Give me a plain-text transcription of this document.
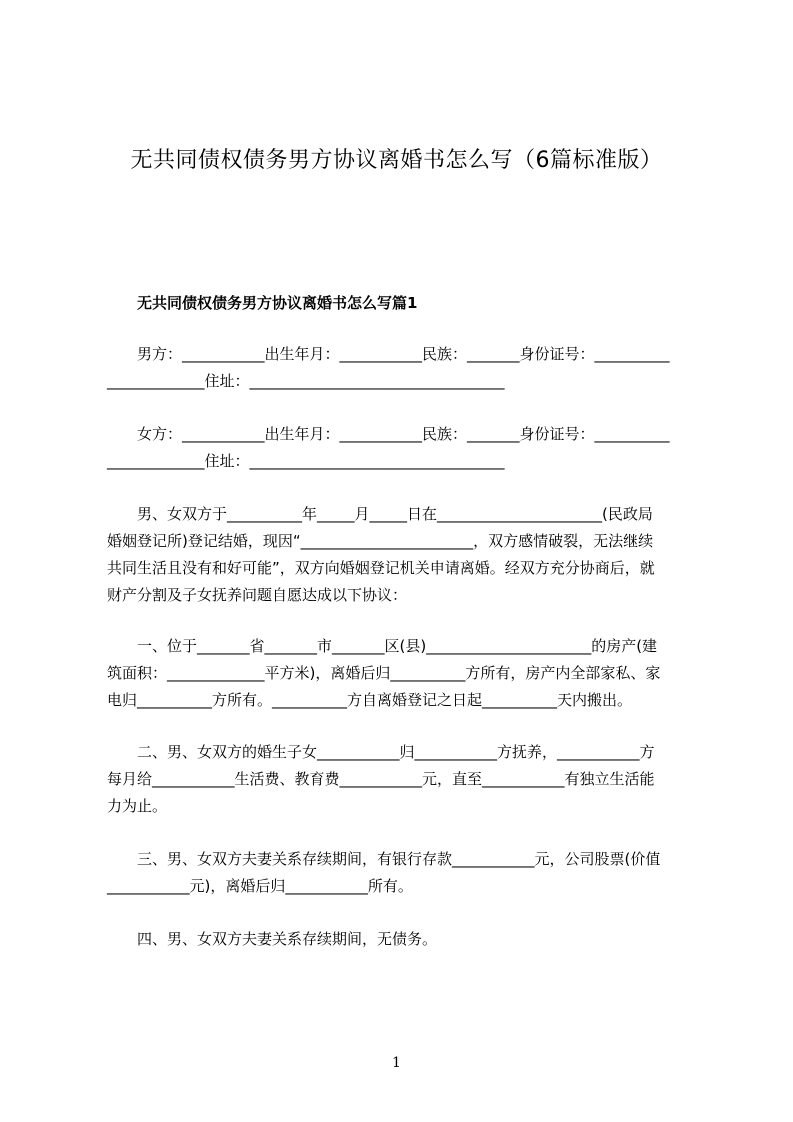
无共同债权债务男方协议离婚书怎么写（6篇标准版）
无共同债权债务男方协议离婚书怎么写篇1
男方：___________出生年月：___________民族：_______身份证号：__________
_____________住址：__________________________________
女方：___________出生年月：___________民族：_______身份证号：__________
_____________住址：__________________________________
男、女双方于__________年_____月_____日在______________________(民政局
婚姻登记所)登记结婚，现因“_______________________，双方感情破裂，无法继续
共同生活且没有和好可能”，双方向婚姻登记机关申请离婚。经双方充分协商后，就
财产分割及子女抚养问题自愿达成以下协议：
一、位于_______省_______市_______区(县)______________________的房产(建
筑面积：_____________平方米)，离婚后归__________方所有，房产内全部家私、家
电归__________方所有。__________方自离婚登记之日起__________天内搬出。
二、男、女双方的婚生子女___________归___________方抚养，___________方
每月给___________生活费、教育费___________元，直至___________有独立生活能
力为止。
三、男、女双方夫妻关系存续期间，有银行存款___________元，公司股票(价值
___________元)，离婚后归___________所有。
四、男、女双方夫妻关系存续期间，无债务。
1
